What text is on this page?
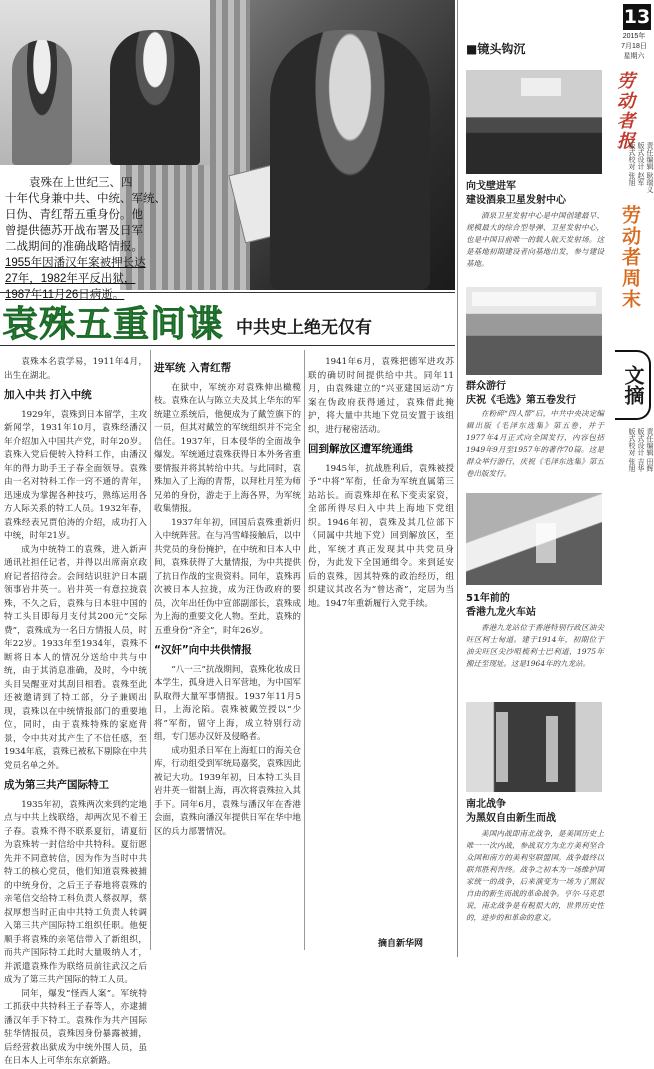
袁殊在上世纪三、四
十年代身兼中共、中统、军统、
日伪、青红帮五重身份。他
曾提供德苏开战布署及日军
二战期间的准确战略情报。
1955年因潘汉年案被押长达
27年，1982年平反出狱，
1987年11月26日病逝。
袁殊五重间谍 中共史上绝无仅有

袁殊本名袁学易，1911年4月，出生在湖北。

加入中共 打入中统

1929年，袁殊到日本留学，主攻新闻学，1931年10月，袁殊经潘汉年介绍加入中国共产党，时年20岁。袁殊入党后便转入特科工作，由潘汉年的得力助手王子春全面领导。袁殊由一名对特科工作一窍不通的青年，迅速成为掌握各种技巧，熟练运用各方人际关系的特工人员。1932年春，袁殊经表兄贾伯涛的介绍，成功打入中统，时年21岁。

成为中统特工的袁殊，进入新声通讯社担任记者，并得以出席南京政府记者招待会。会间结识驻沪日本副领事岩井英一。岩井英一有意拉拢袁殊，不久之后，袁殊与日本驻中国的特工头目即每月支付其200元“交际费”，袁殊成为一名日方情报人员，时年22岁。1933年至1934年，袁殊不断将日本人的情况分送给中共与中统，由于其消息准确，及时，今中统头目吴醒亚对其刮目相看。袁殊至此还被邀请到了特工部，分子兼顾出现，袁殊以在中统情报部门的重要地位，同时，由于袁殊特殊的家庭背景，令中共对其产生了不信任感，至1934年底，袁殊已被私下剔除在中共党员名单之外。

成为第三共产国际特工

1935年初，袁殊两次来到约定地点与中共上线联络，却两次见不着王子春。袁殊不得不联系夏衍，请夏衍为袁殊转一封信给中共特科。夏衍愿先并不同意转信，因为作为当时中共特工的核心党员，他们知道袁殊被捕的中统身份，之后王子春地将袁殊的亲笔信交给特工科负责人蔡叔厚，蔡叔厚想当时正由中共特工负责人转调入第三共产国际特工组织任职。他便顺手将袁殊的亲笔信带入了新组织，而共产国际特工此时大量吸纳人才，并派遣袁殊作为联络员前往武汉之后成为了第三共产国际的特工人员。

同年，爆发“怪西人案”。军统特工抓获中共特科王子春等人，亦逮捕潘汉年手下特工。袁殊作为共产国际驻华情报员，袁殊因身份暴露被捕，后经营救出狱成为中统外围人员，虽在日本人上可华东东京新路。

进军统 入青红帮

在狱中，军统亦对袁殊伸出橄榄枝。袁殊在认与陈立夫及其上华东的军统建立系统后，他便成为了戴笠旗下的一员，但其对戴笠的军统组织并不完全信任。1937年，日本侵华的全面战争爆发。军统通过袁殊获得日本外务省重要情报并将其转给中共。与此同时，袁殊加入了上海的青帮，以拜杜月笙为师兄弟的身份，游走于上海各界，为军统收集情报。

1937年年初，回国后袁殊重新归入中统阵营。在与冯雪峰接触后，以中共党员的身份掩护，在中统和日本人中间，袁殊获得了大量情报，为中共提供了抗日作战的宝贵资料。同年，袁殊再次被日本人拉拢，成为汪伪政府的要员，次年出任伪中宣部副部长，袁殊成为上海的重要文化人物。至此，袁殊的五重身份“齐全”，时年26岁。

“汉奸”向中共供情报

“八一三”抗战期间，袁殊化妆成日本学生，孤身进入日军营地，为中国军队取得大量军事情报。1937年11月5日，上海沦陷。袁殊被戴笠授以“少将”军衔，留守上海，成立特别行动组，专门惩办汉奸及侵略者。

成功狙杀日军在上海虹口的海关仓库，行动组受到军统局嘉奖，袁殊因此被记大功。1939年初，日本特工头目岩井英一钳制上海，再次将袁殊拉入其手下。同年6月，袁殊与潘汉年在香港会面，袁殊向潘汉年提供日军在华中地区的兵力部署情况。

1941年6月，袁殊把德军进攻苏联的确切时间提供给中共。同年11月，由袁殊建立的“兴亚建国运动”方案在伪政府获得通过，袁殊借此掩护，将大量中共地下党员安置于该组织，进行秘密活动。

回到解放区遭军统通缉

1945年，抗战胜利后，袁殊被授予“中将”军衔，任命为军统直属第三站站长。而袁殊却在私下变卖家资，全部所得尽归入中共上海地下党组织。1946年初，袁殊及其几位部下（同属中共地下党）回到解放区，至此，军统才真正发现其中共党员身份，为此发下全国通缉令。来到延安后的袁殊，因其特殊的政治经历，组织建议其改名为“曾达斋”，定居为当地。1947年重新履行入党手续。

摘自新华网
■镜头钩沉
向戈壁进军
建设酒泉卫星发射中心
酒泉卫星发射中心是中国创建最早、规模最大的综合型导弹、卫星发射中心，也是中国目前唯一的载人航天发射场。这是基地初期建设者向基地出发，参与建设基地。
群众游行
庆祝《毛选》第五卷发行
在粉碎“四人帮”后，中共中央决定编辑出版《毛泽东选集》第五卷，并于1977年4月正式向全国发行，内容包括1949年9月至1957年的著作70篇。这是群众举行游行，庆祝《毛泽东选集》第五卷出版发行。
51年前的
香港九龙火车站
香港九龙站位于香港特别行政区油尖旺区柯士甸道。建于1914年，初期位于油尖旺区尖沙咀梳利士巴利道，1975年搬迁至现址。这是1964年的九龙站。
南北战争
为黑奴自由新生而战
美国内战即南北战争，是美国历史上唯一一次内战，参战双方为北方美利坚合众国和南方的美利坚联盟国。战争最终以联邦胜利告终。战争之初本为一场维护国家统一的战争，后来演变为一场为了黑奴自由的新生而战的革命战争。亨尔·马克思说，南北战争是有税很大的，世界历史性的，进步的和革命的意义。
13
2015年
7月18日
星期六
劳动者报
责任编辑 耿瑞义
版式设计 赵军
版式校对 张旭
劳动者周末
文摘
责任编辑 田辉
版式设计 吉华
版式校对 张旭
